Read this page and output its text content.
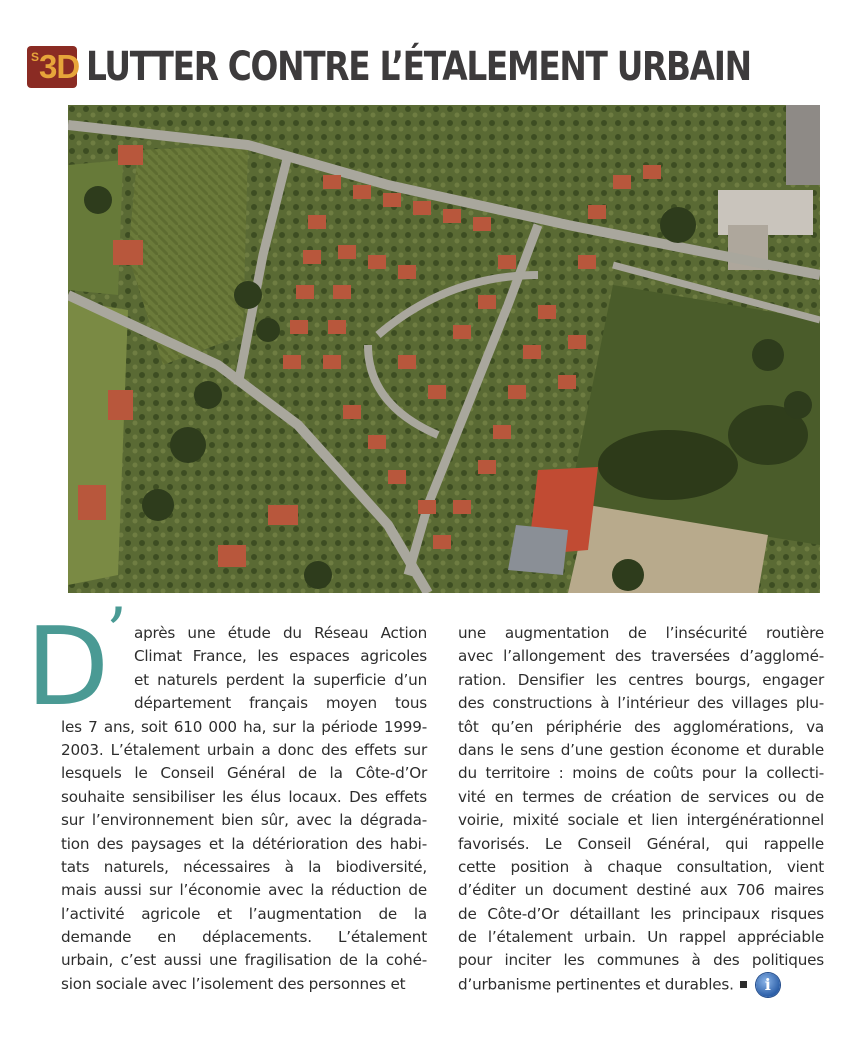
S 3D LUTTER CONTRE L’ÉTALEMENT URBAIN
D
’ après une étude du Réseau Action
Climat France, les espaces agricoles
et naturels perdent la superficie d’un
département français moyen tous
les 7 ans, soit 610 000 ha, sur la période 1999-
2003. L’étalement urbain a donc des effets sur
lesquels le Conseil Général de la Côte-d’Or
souhaite sensibiliser les élus locaux. Des effets
sur l’environnement bien sûr, avec la dégrada-
tion des paysages et la détérioration des habi-
tats naturels, nécessaires à la biodiversité,
mais aussi sur l’économie avec la réduction de
l’activité agricole et l’augmentation de la
demande en déplacements. L’étalement
urbain, c’est aussi une fragilisation de la cohé-
sion sociale avec l’isolement des personnes et
une augmentation de l’insécurité routière
avec l’allongement des traversées d’agglomé-
ration. Densifier les centres bourgs, engager
des constructions à l’intérieur des villages plu-
tôt qu’en périphérie des agglomérations, va
dans le sens d’une gestion économe et durable
du territoire : moins de coûts pour la collecti-
vité en termes de création de services ou de
voirie, mixité sociale et lien intergénérationnel
favorisés. Le Conseil Général, qui rappelle
cette position à chaque consultation, vient
d’éditer un document destiné aux 706 maires
de Côte-d’Or détaillant les principaux risques
de l’étalement urbain. Un rappel appréciable
pour inciter les communes à des politiques
d’urbanisme pertinentes et durables. i
